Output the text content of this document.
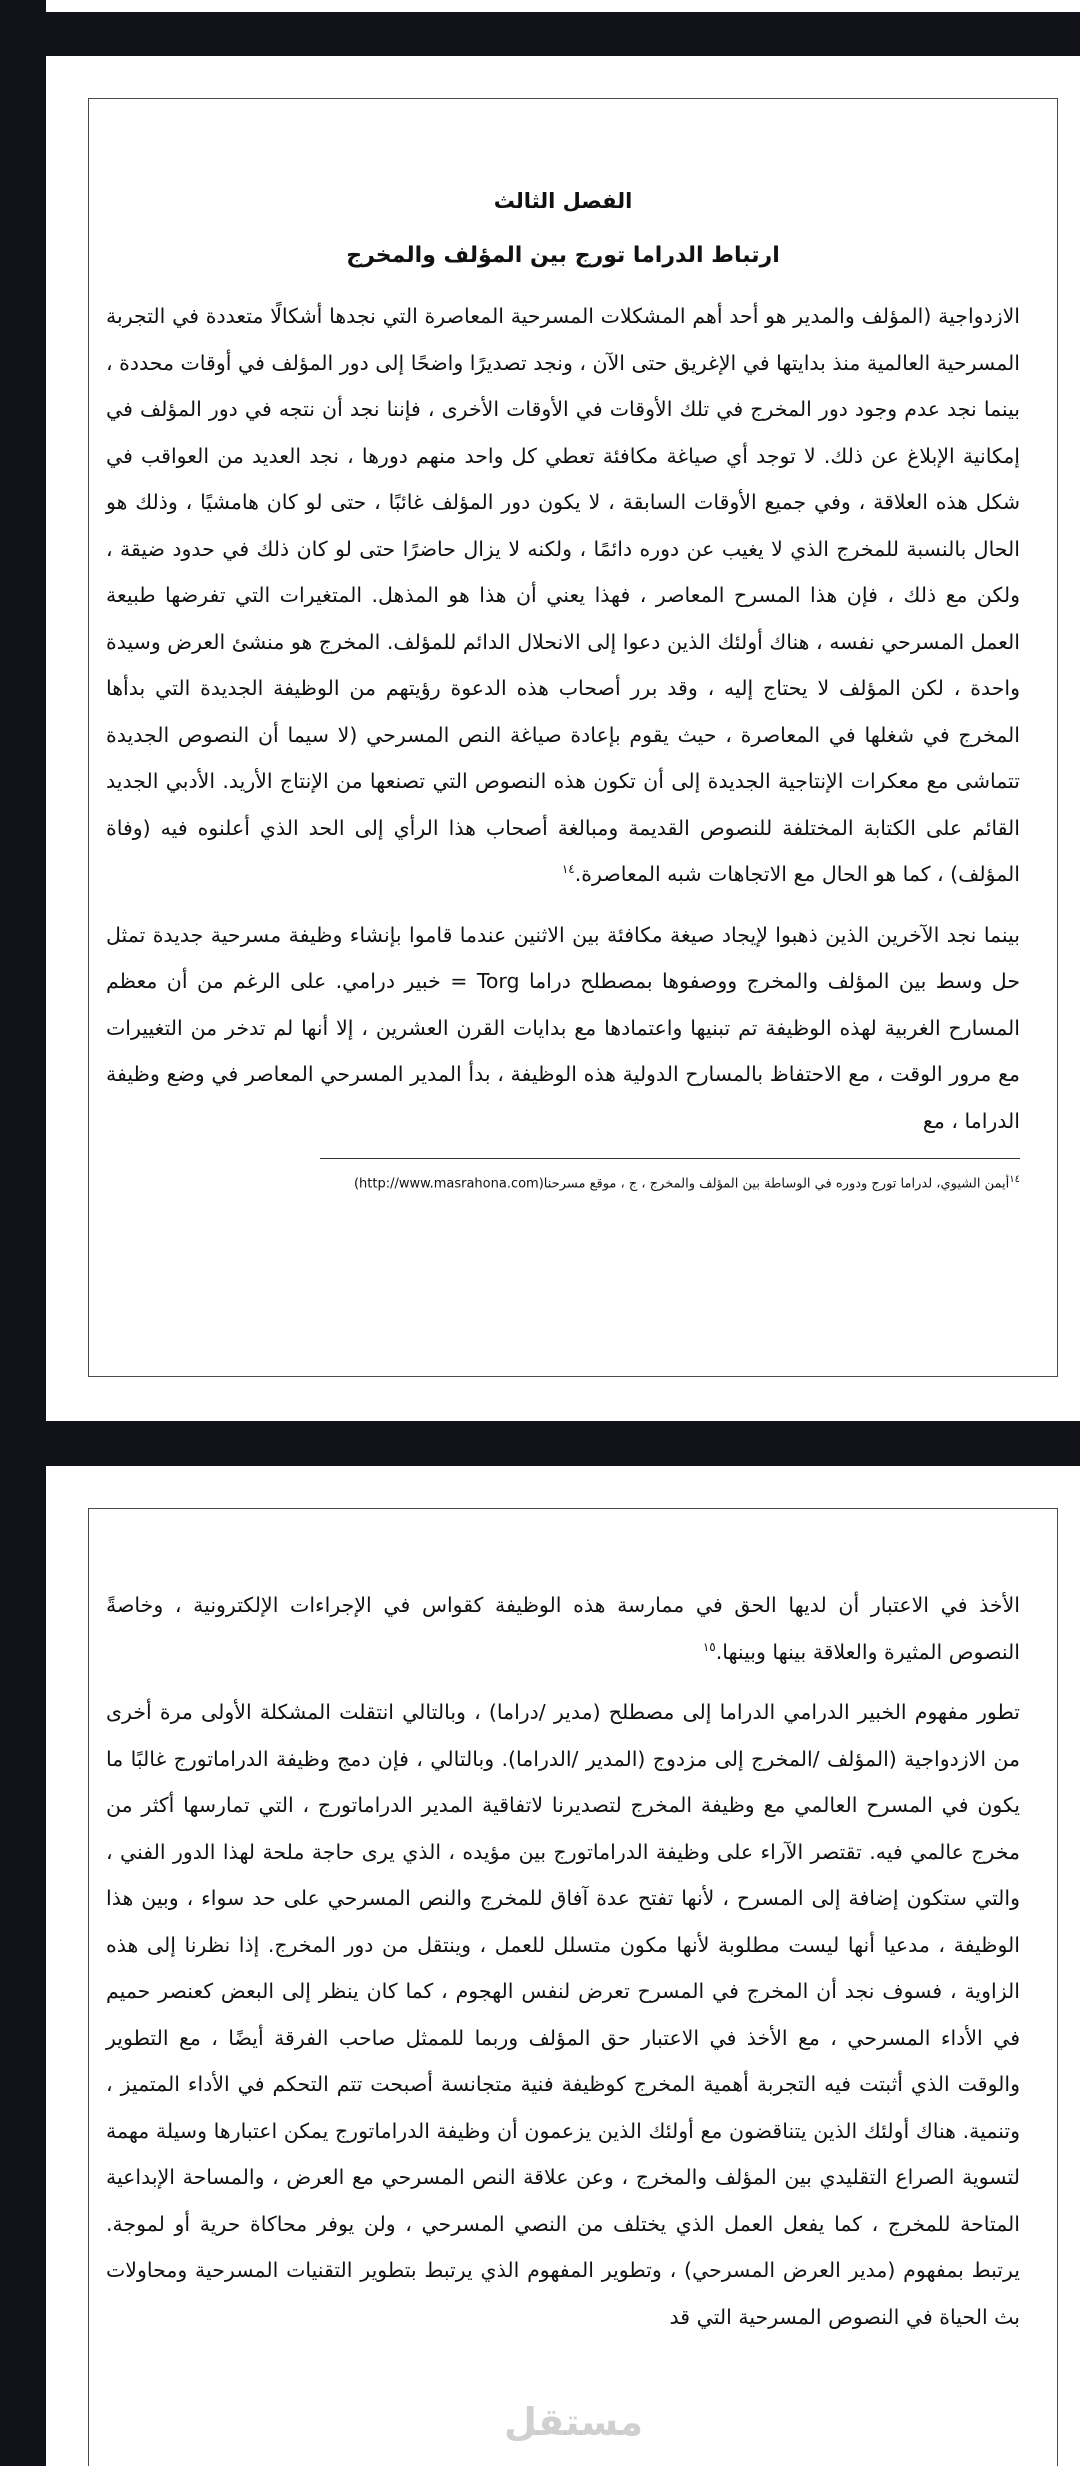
الفصل الثالث
ارتباط الدراما تورج بين المؤلف والمخرج

الازدواجية (المؤلف والمدير هو أحد أهم المشكلات المسرحية المعاصرة التي نجدها أشكالًا متعددة في التجربة المسرحية العالمية منذ بدايتها في الإغريق حتى الآن ، ونجد تصديرًا واضحًا إلى دور المؤلف في أوقات محددة ، بينما نجد عدم وجود دور المخرج في تلك الأوقات في الأوقات الأخرى ، فإننا نجد أن نتجه في دور المؤلف في إمكانية الإبلاغ عن ذلك. لا توجد أي صياغة مكافئة تعطي كل واحد منهم دورها ، نجد العديد من العواقب في شكل هذه العلاقة ، وفي جميع الأوقات السابقة ، لا يكون دور المؤلف غائبًا ، حتى لو كان هامشيًا ، وذلك هو الحال بالنسبة للمخرج الذي لا يغيب عن دوره دائمًا ، ولكنه لا يزال حاضرًا حتى لو كان ذلك في حدود ضيقة ، ولكن مع ذلك ، فإن هذا المسرح المعاصر ، فهذا يعني أن هذا هو المذهل. المتغيرات التي تفرضها طبيعة العمل المسرحي نفسه ، هناك أولئك الذين دعوا إلى الانحلال الدائم للمؤلف. المخرج هو منشئ العرض وسيدة واحدة ، لكن المؤلف لا يحتاج إليه ، وقد برر أصحاب هذه الدعوة رؤيتهم من الوظيفة الجديدة التي بدأها المخرج في شغلها في المعاصرة ، حيث يقوم بإعادة صياغة النص المسرحي (لا سيما أن النصوص الجديدة تتماشى مع معكرات الإنتاجية الجديدة إلى أن تكون هذه النصوص التي تصنعها من الإنتاج الأريد. الأدبي الجديد القائم على الكتابة المختلفة للنصوص القديمة ومبالغة أصحاب هذا الرأي إلى الحد الذي أعلنوه فيه (وفاة المؤلف) ، كما هو الحال مع الاتجاهات شبه المعاصرة.$^{١٤}$

بينما نجد الآخرين الذين ذهبوا لإيجاد صيغة مكافئة بين الاثنين عندما قاموا بإنشاء وظيفة مسرحية جديدة تمثل حل وسط بين المؤلف والمخرج ووصفوها بمصطلح دراما Torg = خبير درامي. على الرغم من أن معظم المسارح الغربية لهذه الوظيفة تم تبنيها واعتمادها مع بدايات القرن العشرين ، إلا أنها لم تدخر من التغييرات مع مرور الوقت ، مع الاحتفاظ بالمسارح الدولية هذه الوظيفة ، بدأ المدير المسرحي المعاصر في وضع وظيفة الدراما ، مع

$^{١٤}$أيمن الشيوي، لدراما تورج ودوره في الوساطة بين المؤلف والمخرج ، ج ، موقع مسرحنا(http://www.masrahona.com)

الأخذ في الاعتبار أن لديها الحق في ممارسة هذه الوظيفة كقواس في الإجراءات الإلكترونية ، وخاصةً النصوص المثيرة والعلاقة بينها وبينها.$^{١٥}$

تطور مفهوم الخبير الدرامي الدراما إلى مصطلح (مدير /دراما) ، وبالتالي انتقلت المشكلة الأولى مرة أخرى من الازدواجية (المؤلف /المخرج إلى مزدوج (المدير /الدراما). وبالتالي ، فإن دمج وظيفة الدراماتورج غالبًا ما يكون في المسرح العالمي مع وظيفة المخرج لتصديرنا لاتفاقية المدير الدراماتورج ، التي تمارسها أكثر من مخرج عالمي فيه. تقتصر الآراء على وظيفة الدراماتورج بين مؤيده ، الذي يرى حاجة ملحة لهذا الدور الفني ، والتي ستكون إضافة إلى المسرح ، لأنها تفتح عدة آفاق للمخرج والنص المسرحي على حد سواء ، وبين هذا الوظيفة ، مدعيا أنها ليست مطلوبة لأنها مكون متسلل للعمل ، وينتقل من دور المخرج. إذا نظرنا إلى هذه الزاوية ، فسوف نجد أن المخرج في المسرح تعرض لنفس الهجوم ، كما كان ينظر إلى البعض كعنصر حميم في الأداء المسرحي ، مع الأخذ في الاعتبار حق المؤلف وربما للممثل صاحب الفرقة أيضًا ، مع التطوير والوقت الذي أثبتت فيه التجربة أهمية المخرج كوظيفة فنية متجانسة أصبحت تتم التحكم في الأداء المتميز ، وتنمية. هناك أولئك الذين يتناقضون مع أولئك الذين يزعمون أن وظيفة الدراماتورج يمكن اعتبارها وسيلة مهمة لتسوية الصراع التقليدي بين المؤلف والمخرج ، وعن علاقة النص المسرحي مع العرض ، والمساحة الإبداعية المتاحة للمخرج ، كما يفعل العمل الذي يختلف من النصي المسرحي ، ولن يوفر محاكاة حرية أو لموجة. يرتبط بمفهوم (مدير العرض المسرحي) ، وتطوير المفهوم الذي يرتبط بتطوير التقنيات المسرحية ومحاولات بث الحياة في النصوص المسرحية التي قد

مستقل
